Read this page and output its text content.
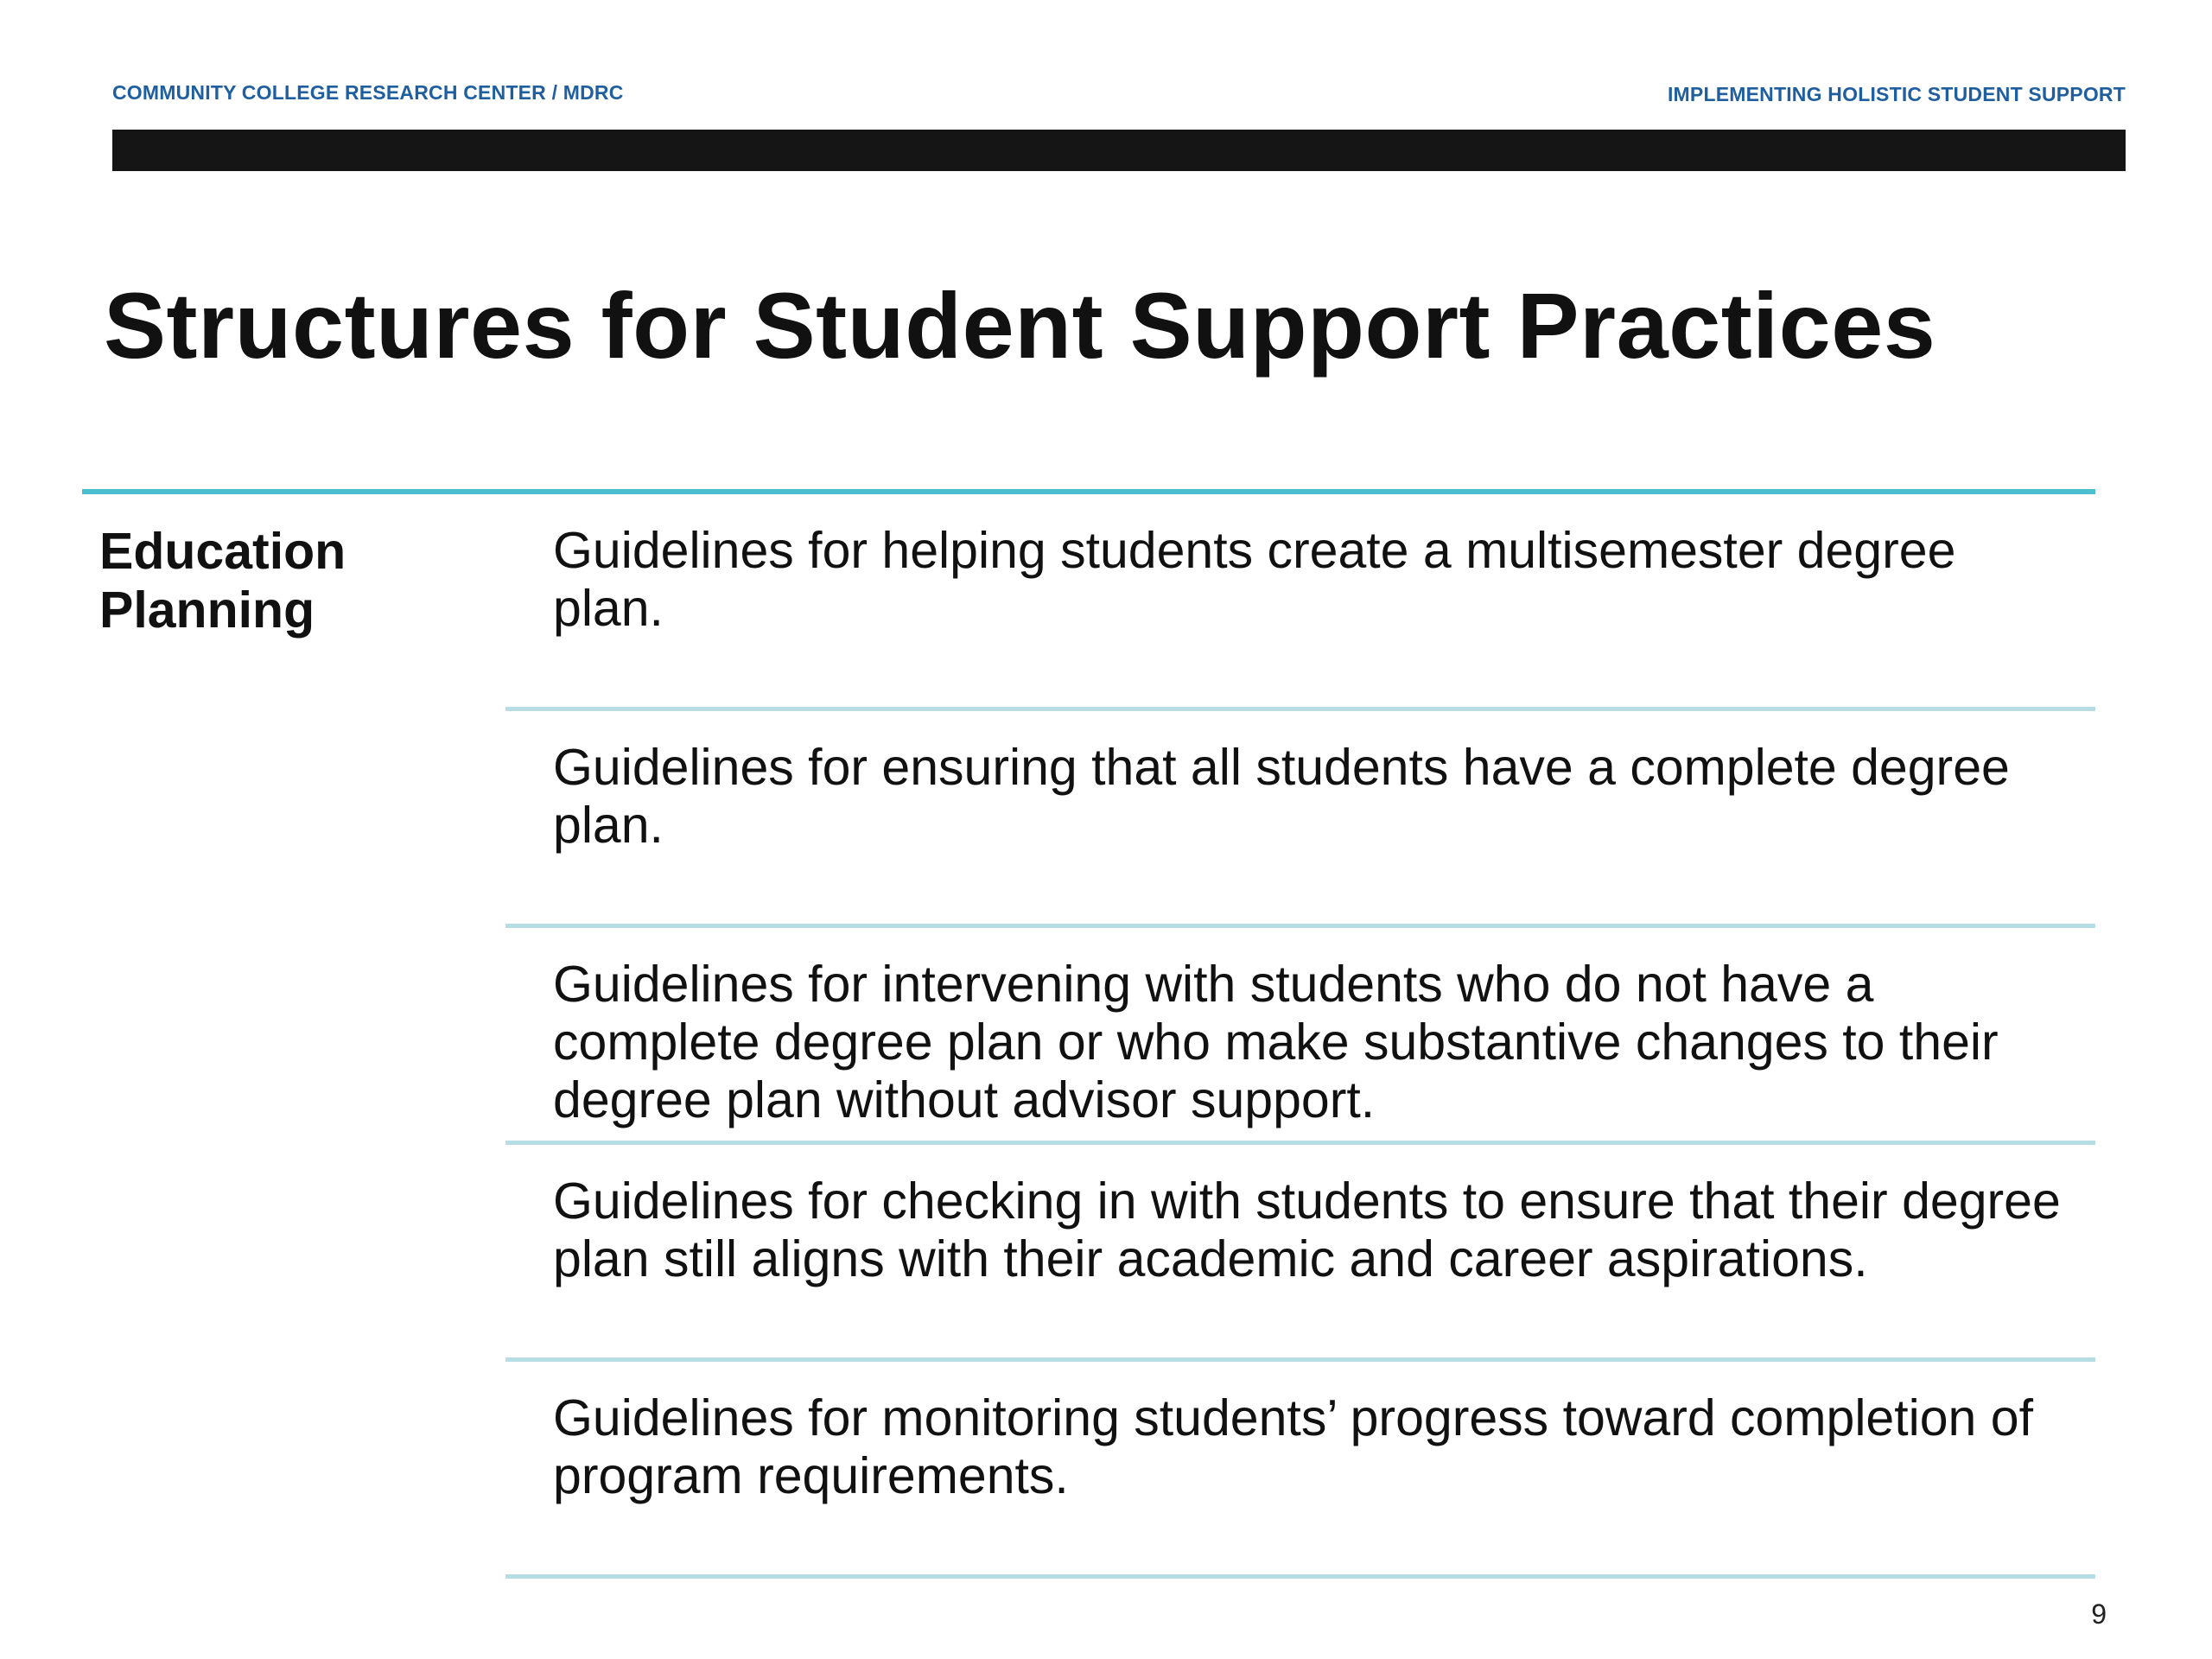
COMMUNITY COLLEGE RESEARCH CENTER / MDRC	IMPLEMENTING HOLISTIC STUDENT SUPPORT
Structures for Student Support Practices
Education
Planning
Guidelines for helping students create a multisemester degree plan.
Guidelines for ensuring that all students have a complete degree plan.
Guidelines for intervening with students who do not have a complete degree plan or who make substantive changes to their degree plan without advisor support.
Guidelines for checking in with students to ensure that their degree plan still aligns with their academic and career aspirations.
Guidelines for monitoring students’ progress toward completion of program requirements.
9
